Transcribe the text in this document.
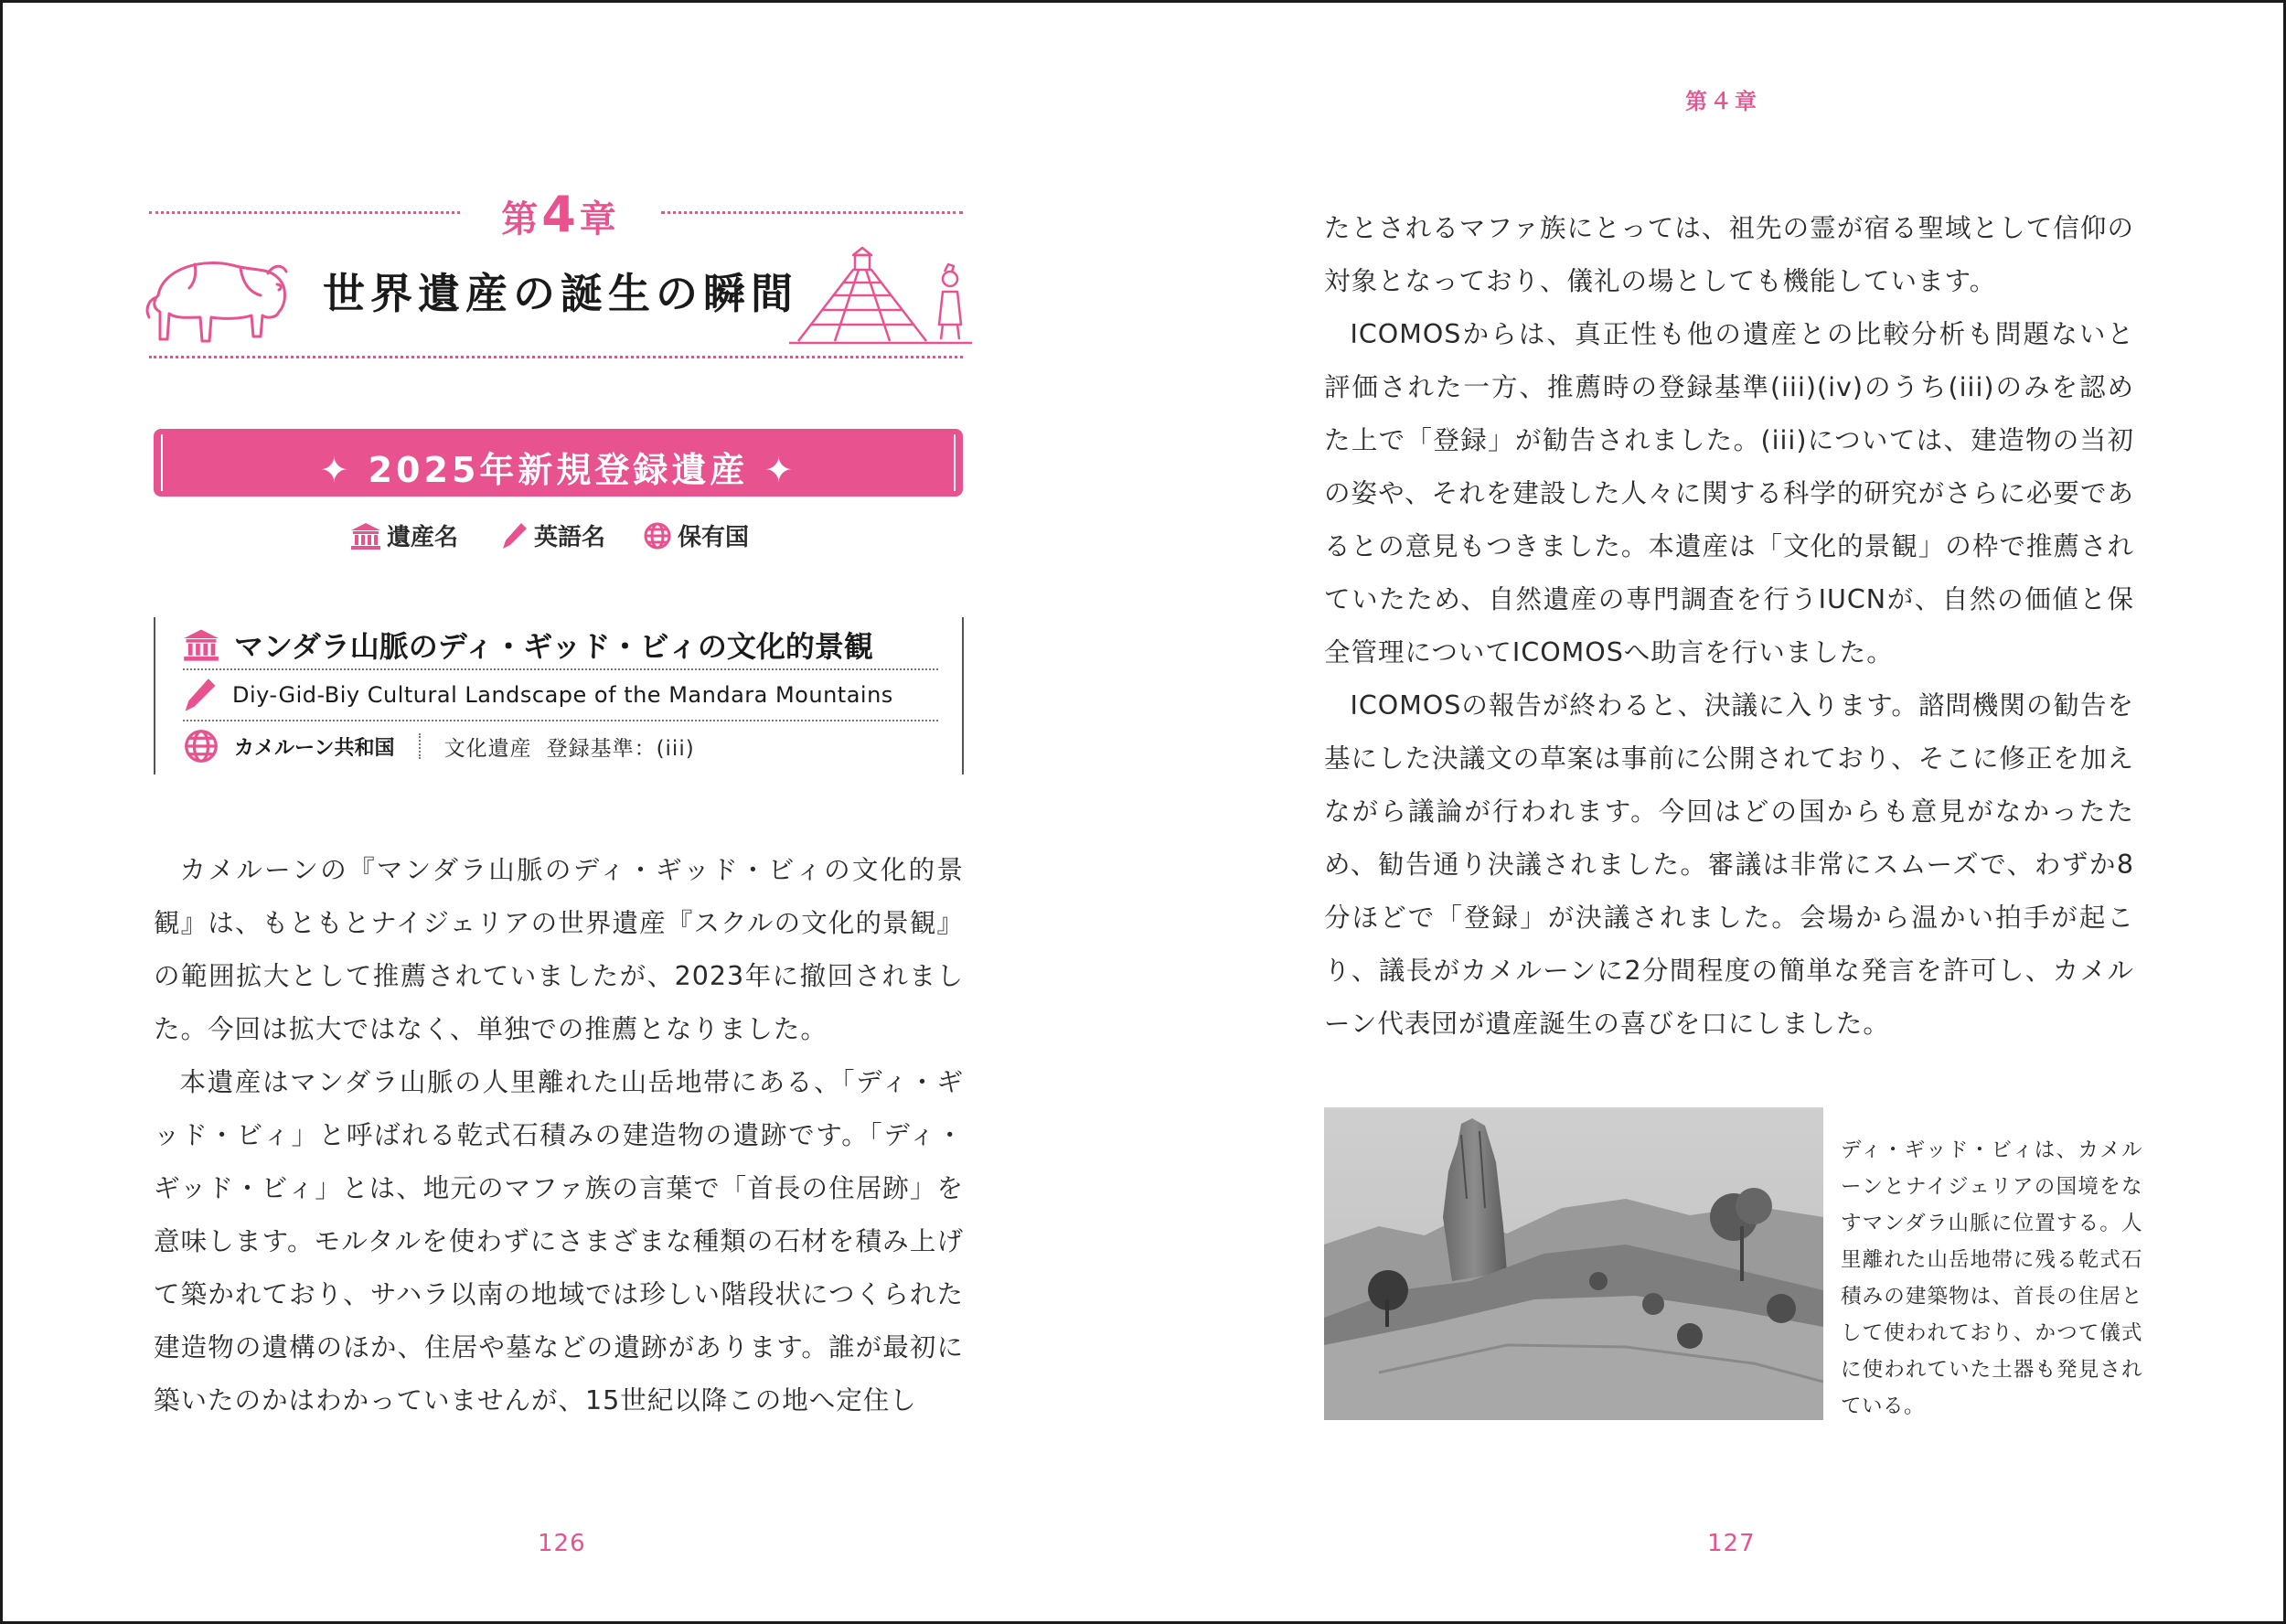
第4章
世界遺産の誕生の瞬間
✦ 2025年新規登録遺産 ✦
遺産名	英語名	保有国
マンダラ山脈のディ・ギッド・ビィの文化的景観
Diy-Gid-Biy Cultural Landscape of the Mandara Mountains
カメルーン共和国 文化遺産 登録基準：(iii)

カメルーンの『マンダラ山脈のディ・ギッド・ビィの文化的景観』は、もともとナイジェリアの世界遺産『スクルの文化的景観』の範囲拡大として推薦されていましたが、2023年に撤回されました。今回は拡大ではなく、単独での推薦となりました。

本遺産はマンダラ山脈の人里離れた山岳地帯にある、「ディ・ギッド・ビィ」と呼ばれる乾式石積みの建造物の遺跡です。「ディ・ギッド・ビィ」とは、地元のマファ族の言葉で「首長の住居跡」を意味します。モルタルを使わずにさまざまな種類の石材を積み上げて築かれており、サハラ以南の地域では珍しい階段状につくられた建造物の遺構のほか、住居や墓などの遺跡があります。誰が最初に築いたのかはわかっていませんが、15世紀以降この地へ定住し

126
第４章

たとされるマファ族にとっては、祖先の霊が宿る聖域として信仰の対象となっており、儀礼の場としても機能しています。

ICOMOSからは、真正性も他の遺産との比較分析も問題ないと評価された一方、推薦時の登録基準(iii)(iv)のうち(iii)のみを認めた上で「登録」が勧告されました。(iii)については、建造物の当初の姿や、それを建設した人々に関する科学的研究がさらに必要であるとの意見もつきました。本遺産は「文化的景観」の枠で推薦されていたため、自然遺産の専門調査を行うIUCNが、自然の価値と保全管理についてICOMOSへ助言を行いました。

ICOMOSの報告が終わると、決議に入ります。諮問機関の勧告を基にした決議文の草案は事前に公開されており、そこに修正を加えながら議論が行われます。今回はどの国からも意見がなかったため、勧告通り決議されました。審議は非常にスムーズで、わずか8分ほどで「登録」が決議されました。会場から温かい拍手が起こり、議長がカメルーンに2分間程度の簡単な発言を許可し、カメルーン代表団が遺産誕生の喜びを口にしました。

ディ・ギッド・ビィは、カメルーンとナイジェリアの国境をなすマンダラ山脈に位置する。人里離れた山岳地帯に残る乾式石積みの建築物は、首長の住居として使われており、かつて儀式に使われていた土器も発見されている。
127
